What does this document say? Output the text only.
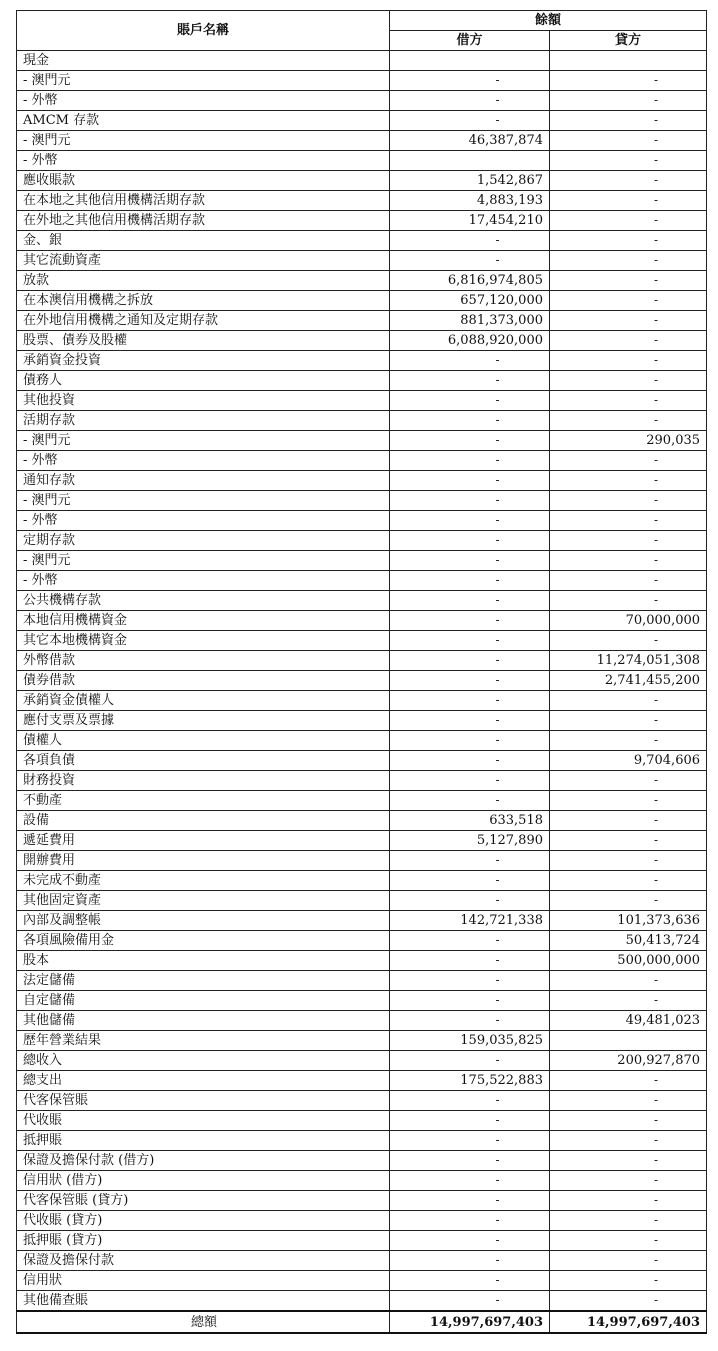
賬戶名稱	餘額	
	借方	貸方
現金		
- 澳門元	-	-
- 外幣	-	-
AMCM 存款	-	-
- 澳門元	46,387,874	-
- 外幣		-
應收賬款	1,542,867	-
在本地之其他信用機構活期存款	4,883,193	-
在外地之其他信用機構活期存款	17,454,210	-
金、銀	-	-
其它流動資產	-	-
放款	6,816,974,805	-
在本澳信用機構之拆放	657,120,000	-
在外地信用機構之通知及定期存款	881,373,000	-
股票、債券及股權	6,088,920,000	-
承銷資金投資	-	-
債務人	-	-
其他投資	-	-
活期存款	-	-
- 澳門元	-	290,035
- 外幣	-	-
通知存款	-	-
- 澳門元	-	-
- 外幣	-	-
定期存款	-	-
- 澳門元	-	-
- 外幣	-	-
公共機構存款	-	-
本地信用機構資金	-	70,000,000
其它本地機構資金	-	-
外幣借款	-	11,274,051,308
債券借款	-	2,741,455,200
承銷資金債權人	-	-
應付支票及票據	-	-
債權人	-	-
各項負債	-	9,704,606
財務投資	-	-
不動產	-	-
設備	633,518	-
遞延費用	5,127,890	-
開辦費用	-	-
未完成不動產	-	-
其他固定資產	-	-
內部及調整帳	142,721,338	101,373,636
各項風險備用金	-	50,413,724
股本	-	500,000,000
法定儲備	-	-
自定儲備	-	-
其他儲備	-	49,481,023
歷年營業結果	159,035,825	
總收入	-	200,927,870
總支出	175,522,883	-
代客保管賬	-	-
代收賬	-	-
抵押賬	-	-
保證及擔保付款 (借方)	-	-
信用狀 (借方)	-	-
代客保管賬 (貸方)	-	-
代收賬 (貸方)	-	-
抵押賬 (貸方)	-	-
保證及擔保付款	-	-
信用狀	-	-
其他備查賬	-	-
總額	14,997,697,403	14,997,697,403
